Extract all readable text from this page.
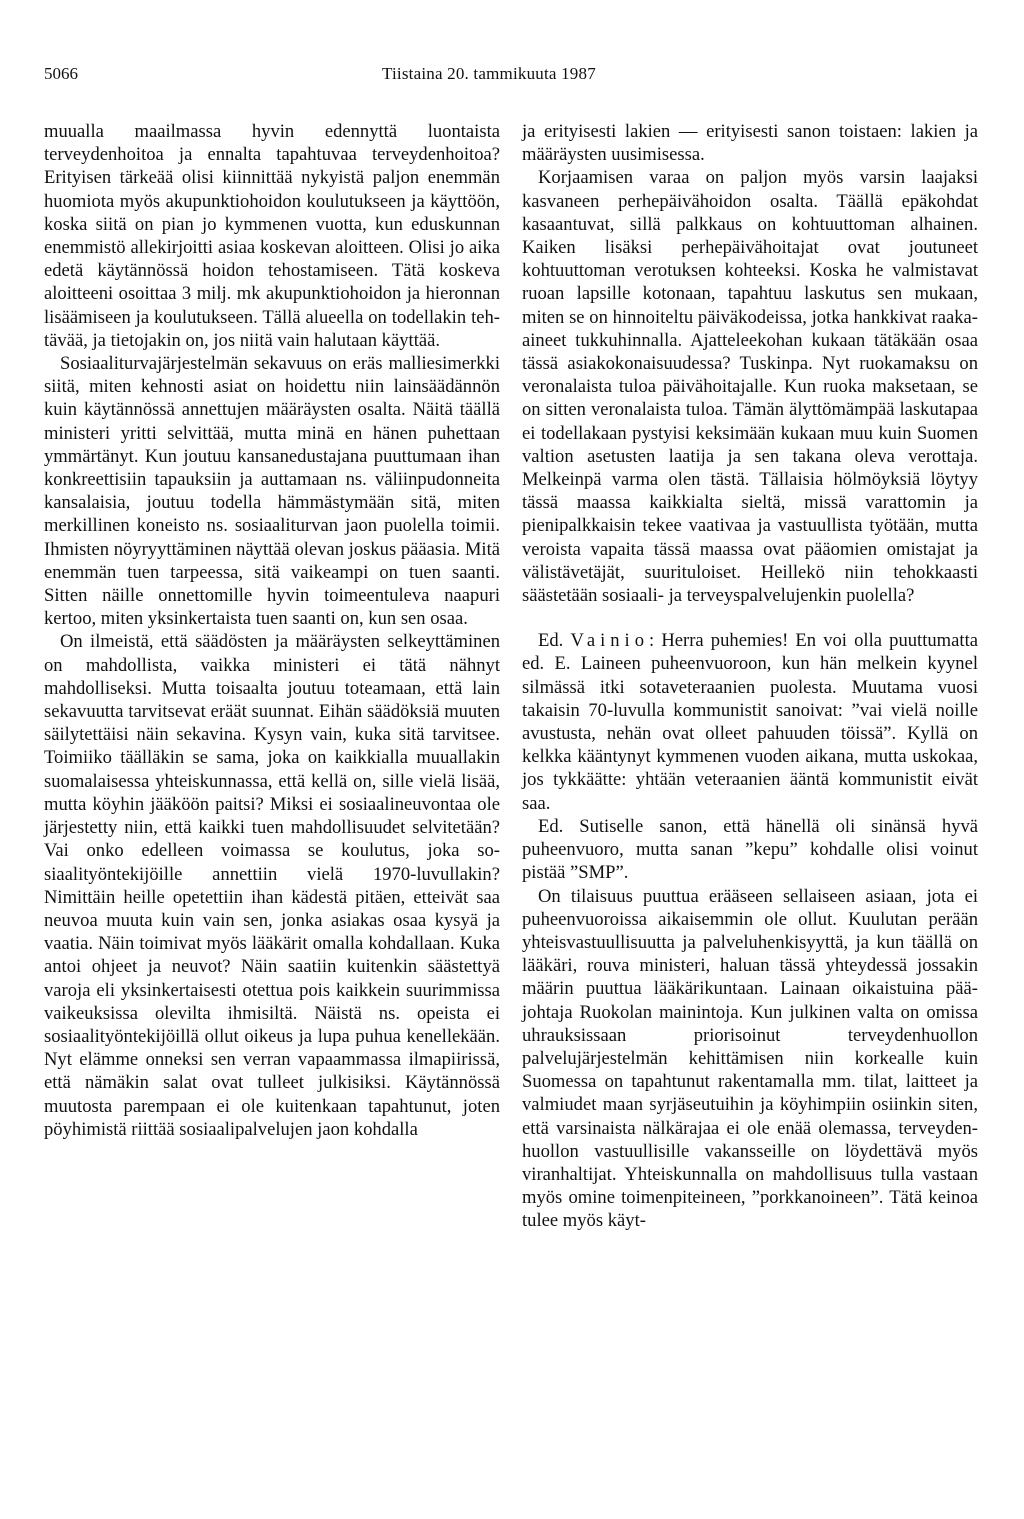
5066	Tiistaina 20. tammikuuta 1987

muualla maailmassa hyvin edennyttä luontaista terveydenhoitoa ja ennalta tapahtuvaa terveydenhoitoa? Erityisen tärkeää olisi kiinnittää nykyistä paljon enemmän huomiota myös akupunktiohoidon koulutukseen ja käyttöön, koska siitä on pian jo kymmenen vuotta, kun eduskunnan enemmistö allekirjoitti asiaa koskevan aloitteen. Olisi jo aika edetä käytännössä hoidon tehostamiseen. Tätä koskeva aloitteeni osoittaa 3 milj. mk akupunktiohoidon ja hieronnan lisäämiseen ja koulutukseen. Tällä alueella on todellakin tehtävää, ja tietojakin on, jos niitä vain halutaan käyttää.

Sosiaaliturvajärjestelmän sekavuus on eräs malliesimerkki siitä, miten kehnosti asiat on hoidettu niin lainsäädännön kuin käytännössä annettujen määräysten osalta. Näitä täällä ministeri yritti selvittää, mutta minä en hänen puhettaan ymmärtänyt. Kun joutuu kansanedustajana puuttumaan ihan konkreettisiin tapauksiin ja auttamaan ns. väliinpudonneita kansalaisia, joutuu todella hämmästymään sitä, miten merkillinen koneisto ns. sosiaaliturvan jaon puolella toimii. Ihmisten nöyryyttäminen näyttää olevan joskus pääasia. Mitä enemmän tuen tarpeessa, sitä vaikeampi on tuen saanti. Sitten näille onnettomille hyvin toimeentuleva naapuri kertoo, miten yksinkertaista tuen saanti on, kun sen osaa.

On ilmeistä, että säädösten ja määräysten selkeyttäminen on mahdollista, vaikka ministeri ei tätä nähnyt mahdolliseksi. Mutta toisaalta joutuu toteamaan, että lain sekavuutta tarvitsevat eräät suunnat. Eihän säädöksiä muuten säilytettäisi näin sekavina. Kysyn vain, kuka sitä tarvitsee. Toimiiko täälläkin se sama, joka on kaikkialla muuallakin suomalaisessa yhteiskunnassa, että kellä on, sille vielä lisää, mutta köyhin jääköön paitsi? Miksi ei sosiaalineuvontaa ole järjestetty niin, että kaikki tuen mahdollisuudet selvitetään? Vai onko edelleen voimassa se koulutus, joka sosiaalityöntekijöille annettiin vielä 1970-luvullakin? Nimittäin heille opetettiin ihan kädestä pitäen, etteivät saa neuvoa muuta kuin vain sen, jonka asiakas osaa kysyä ja vaatia. Näin toimivat myös lääkärit omalla kohdallaan. Kuka antoi ohjeet ja neuvot? Näin saatiin kuitenkin säästettyä varoja eli yksinkertaisesti otettua pois kaikkein suurimmissa vaikeuksissa olevilta ihmisiltä. Näistä ns. opeista ei sosiaalityöntekijöillä ollut oikeus ja lupa puhua kenellekään. Nyt elämme onneksi sen verran vapaammassa ilmapiirissä, että nämäkin salat ovat tulleet julkisiksi. Käytännössä muutosta parempaan ei ole kuitenkaan tapahtunut, joten pöyhimistä riittää sosiaalipalvelujen jaon kohdalla

ja erityisesti lakien — erityisesti sanon toistaen: lakien ja määräysten uusimisessa.

Korjaamisen varaa on paljon myös varsin laajaksi kasvaneen perhepäivähoidon osalta. Täällä epäkohdat kasaantuvat, sillä palkkaus on kohtuuttoman alhainen. Kaiken lisäksi perhepäivähoitajat ovat joutuneet kohtuuttoman verotuksen kohteeksi. Koska he valmistavat ruoan lapsille kotonaan, tapahtuu laskutus sen mukaan, miten se on hinnoiteltu päiväkodeissa, jotka hankkivat raakaaineet tukkuhinnalla. Ajatteleekohan kukaan tätäkään osaa tässä asiakokonaisuudessa? Tuskinpa. Nyt ruokamaksu on veronalaista tuloa päivähoitajalle. Kun ruoka maksetaan, se on sitten veronalaista tuloa. Tämän älyttömämpää laskutapaa ei todellakaan pystyisi keksimään kukaan muu kuin Suomen valtion asetusten laatija ja sen takana oleva verottaja. Melkeinpä varma olen tästä. Tällaisia hölmöyksiä löytyy tässä maassa kaikkialta sieltä, missä varattomin ja pienipalkkaisin tekee vaativaa ja vastuullista työtään, mutta veroista vapaita tässä maassa ovat pääomien omistajat ja välistävetäjät, suurituloiset. Heillekö niin tehokkaasti säästetään sosiaali- ja terveyspalvelujenkin puolella?

Ed. Vainio: Herra puhemies! En voi olla puuttumatta ed. E. Laineen puheenvuoroon, kun hän melkein kyynel silmässä itki sotaveteraanien puolesta. Muutama vuosi takaisin 70-luvulla kommunistit sanoivat: ”vai vielä noille avustusta, nehän ovat olleet pahuuden töissä”. Kyllä on kelkka kääntynyt kymmenen vuoden aikana, mutta uskokaa, jos tykkäätte: yhtään veteraanien ääntä kommunistit eivät saa.

Ed. Sutiselle sanon, että hänellä oli sinänsä hyvä puheenvuoro, mutta sanan ”kepu” kohdalle olisi voinut pistää ”SMP”.

On tilaisuus puuttua erääseen sellaiseen asiaan, jota ei puheenvuoroissa aikaisemmin ole ollut. Kuulutan perään yhteisvastuullisuutta ja palveluhenkisyyttä, ja kun täällä on lääkäri, rouva ministeri, haluan tässä yhteydessä jossakin määrin puuttua lääkärikuntaan. Lainaan oikaistuina pääjohtaja Ruokolan mainintoja. Kun julkinen valta on omissa uhrauksissaan priorisoinut terveydenhuollon palvelujärjestelmän kehittämisen niin korkealle kuin Suomessa on tapahtunut rakentamalla mm. tilat, laitteet ja valmiudet maan syrjäseutuihin ja köyhimpiin osiinkin siten, että varsinaista nälkärajaa ei ole enää olemassa, terveydenhuollon vastuullisille vakansseille on löydettävä myös viranhaltijat. Yhteiskunnalla on mahdollisuus tulla vastaan myös omine toimenpiteineen, ”porkkanoineen”. Tätä keinoa tulee myös käyt-
